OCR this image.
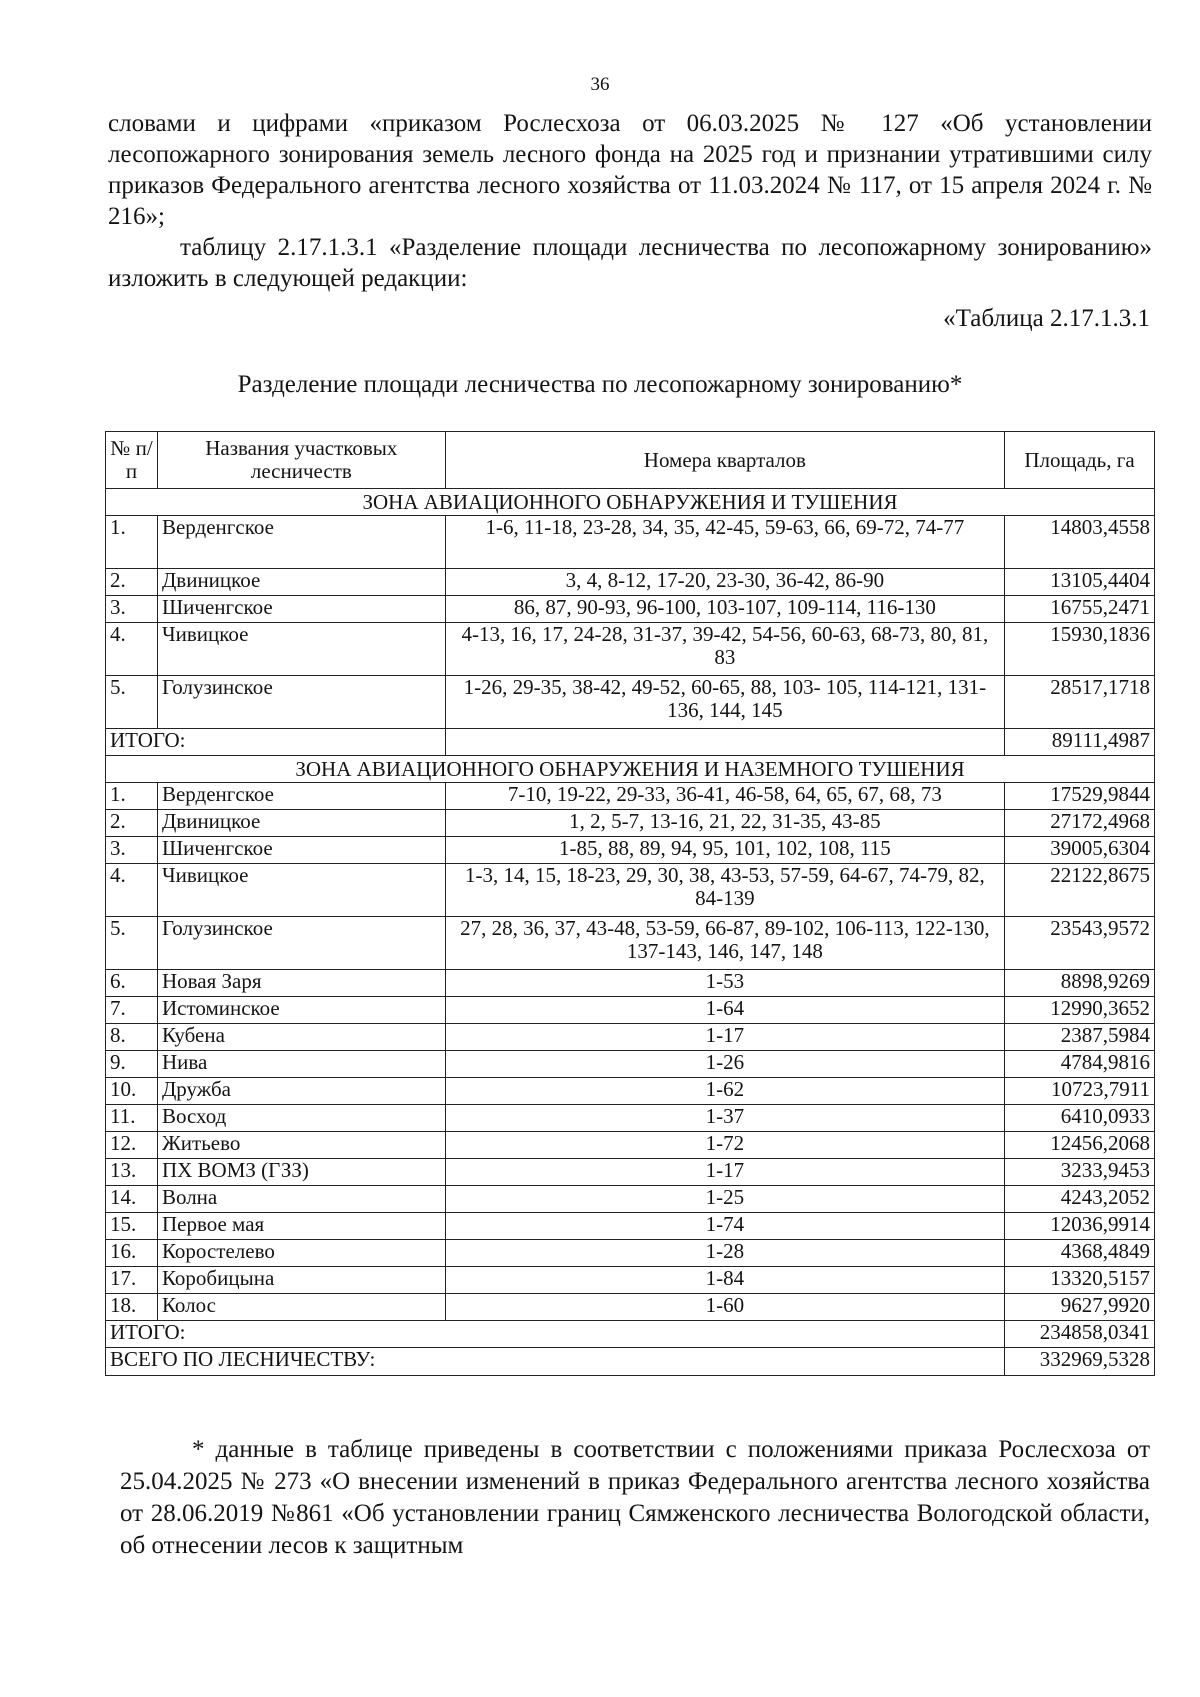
36

словами и цифрами «приказом Рослесхоза от 06.03.2025 № 127 «Об установлении лесопожарного зонирования земель лесного фонда на 2025 год и признании утратившими силу приказов Федерального агентства лесного хозяйства от 11.03.2024 № 117, от 15 апреля 2024 г. № 216»;

таблицу 2.17.1.3.1 «Разделение площади лесничества по лесопожарному зонированию» изложить в следующей редакции:

«Таблица 2.17.1.3.1
Разделение площади лесничества по лесопожарному зонированию*
№ п/п	Названия участковых лесничеств	Номера кварталов	Площадь, га
ЗОНА АВИАЦИОННОГО ОБНАРУЖЕНИЯ И ТУШЕНИЯ			
1.	Верденгское	1-6, 11-18, 23-28, 34, 35, 42-45, 59-63, 66, 69-72, 74-77	14803,4558
2.	Двиницкое	3, 4, 8-12, 17-20, 23-30, 36-42, 86-90	13105,4404
3.	Шиченгское	86, 87, 90-93, 96-100, 103-107, 109-114, 116-130	16755,2471
4.	Чивицкое	4-13, 16, 17, 24-28, 31-37, 39-42, 54-56, 60-63, 68-73, 80, 81, 83	15930,1836
5.	Голузинское	1-26, 29-35, 38-42, 49-52, 60-65, 88, 103- 105, 114-121, 131-136, 144, 145	28517,1718
ИТОГО:			89111,4987
ЗОНА АВИАЦИОННОГО ОБНАРУЖЕНИЯ И НАЗЕМНОГО ТУШЕНИЯ			
1.	Верденгское	7-10, 19-22, 29-33, 36-41, 46-58, 64, 65, 67, 68, 73	17529,9844
2.	Двиницкое	1, 2, 5-7, 13-16, 21, 22, 31-35, 43-85	27172,4968
3.	Шиченгское	1-85, 88, 89, 94, 95, 101, 102, 108, 115	39005,6304
4.	Чивицкое	1-3, 14, 15, 18-23, 29, 30, 38, 43-53, 57-59, 64-67, 74-79, 82, 84-139	22122,8675
5.	Голузинское	27, 28, 36, 37, 43-48, 53-59, 66-87, 89-102, 106-113, 122-130, 137-143, 146, 147, 148	23543,9572
6.	Новая Заря	1-53	8898,9269
7.	Истоминское	1-64	12990,3652
8.	Кубена	1-17	2387,5984
9.	Нива	1-26	4784,9816
10.	Дружба	1-62	10723,7911
11.	Восход	1-37	6410,0933
12.	Житьево	1-72	12456,2068
13.	ПХ ВОМЗ (ГЗЗ)	1-17	3233,9453
14.	Волна	1-25	4243,2052
15.	Первое мая	1-74	12036,9914
16.	Коростелево	1-28	4368,4849
17.	Коробицына	1-84	13320,5157
18.	Колос	1-60	9627,9920
ИТОГО:			234858,0341
ВСЕГО ПО ЛЕСНИЧЕСТВУ:			332969,5328

* данные в таблице приведены в соответствии с положениями приказа Рослесхоза от 25.04.2025 № 273 «О внесении изменений в приказ Федерального агентства лесного хозяйства от 28.06.2019 №861 «Об установлении границ Сямженского лесничества Вологодской области, об отнесении лесов к защитным
